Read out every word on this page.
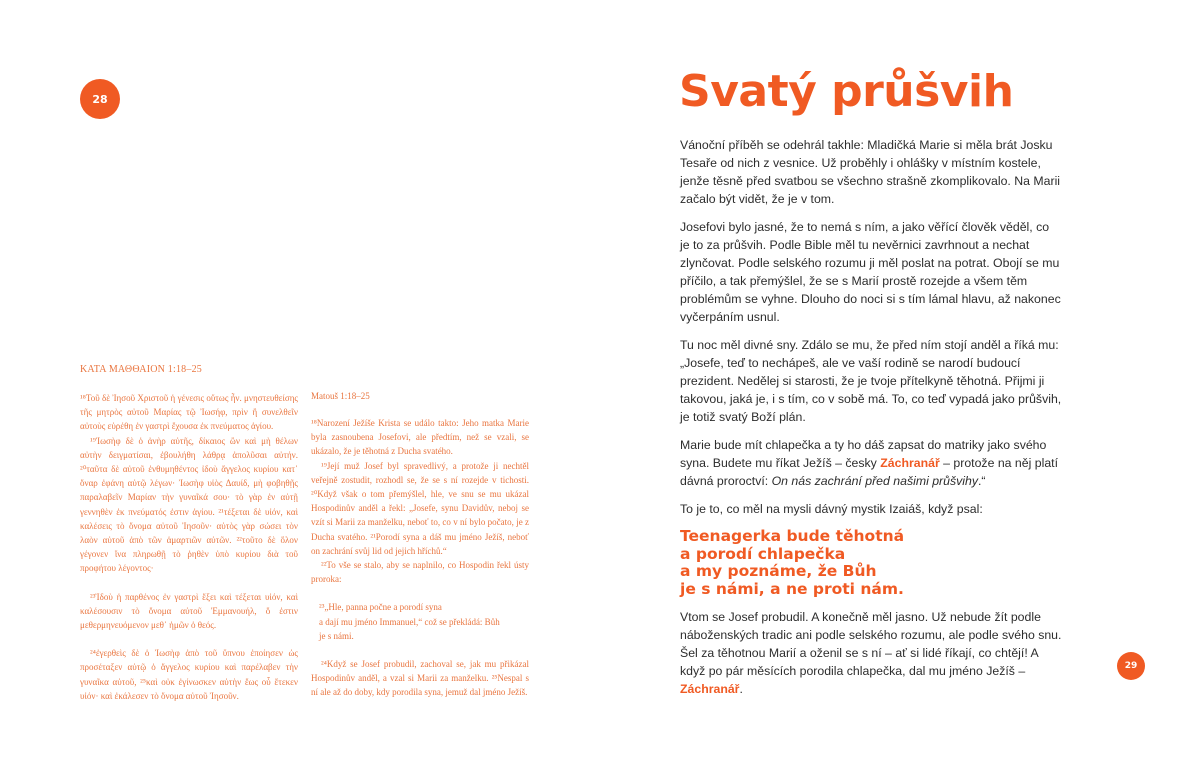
28
ΚΑΤΑ ΜΑΘΘΑΙΟΝ 1:18–25

¹⁸Τοῦ δὲ Ἰησοῦ Χριστοῦ ἡ γένεσις οὕτως ἦν. μνηστευθείσης τῆς μητρὸς αὐτοῦ Μαρίας τῷ Ἰωσήφ, πρὶν ἢ συνελθεῖν αὐτοὺς εὑρέθη ἐν γαστρὶ ἔχουσα ἐκ πνεύματος ἁγίου.

¹⁹Ἰωσὴφ δὲ ὁ ἀνὴρ αὐτῆς, δίκαιος ὢν καὶ μὴ θέλων αὐτὴν δειγματίσαι, ἐβουλήθη λάθρᾳ ἀπολῦσαι αὐτήν. ²⁰ταῦτα δὲ αὐτοῦ ἐνθυμηθέντος ἰδοὺ ἄγγελος κυρίου κατ᾽ ὄναρ ἐφάνη αὐτῷ λέγων· Ἰωσὴφ υἱὸς Δαυίδ, μὴ φοβηθῇς παραλαβεῖν Μαρίαν τὴν γυναῖκά σου· τὸ γὰρ ἐν αὐτῇ γεννηθὲν ἐκ πνεύματός ἐστιν ἁγίου. ²¹τέξεται δὲ υἱόν, καὶ καλέσεις τὸ ὄνομα αὐτοῦ Ἰησοῦν· αὐτὸς γὰρ σώσει τὸν λαὸν αὐτοῦ ἀπὸ τῶν ἁμαρτιῶν αὐτῶν. ²²τοῦτο δὲ ὅλον γέγονεν ἵνα πληρωθῇ τὸ ῥηθὲν ὑπὸ κυρίου διὰ τοῦ προφήτου λέγοντος·

²³Ἰδοὺ ἡ παρθένος ἐν γαστρὶ ἕξει καὶ τέξεται υἱόν, καὶ καλέσουσιν τὸ ὄνομα αὐτοῦ Ἐμμανουήλ, ὅ ἐστιν μεθερμηνευόμενον μεθ᾽ ἡμῶν ὁ θεός.

²⁴ἐγερθεὶς δὲ ὁ Ἰωσὴφ ἀπὸ τοῦ ὕπνου ἐποίησεν ὡς προσέταξεν αὐτῷ ὁ ἄγγελος κυρίου καὶ παρέλαβεν τὴν γυναῖκα αὐτοῦ, ²⁵καὶ οὐκ ἐγίνωσκεν αὐτὴν ἕως οὗ ἔτεκεν υἱόν· καὶ ἐκάλεσεν τὸ ὄνομα αὐτοῦ Ἰησοῦν.

Matouš 1:18–25

¹⁸Narození Ježíše Krista se událo takto: Jeho matka Marie byla zasnoubena Josefovi, ale předtím, než se vzali, se ukázalo, že je těhotná z Ducha svatého.

¹⁹Její muž Josef byl spravedlivý, a protože ji nechtěl veřejně zostudit, rozhodl se, že se s ní rozejde v tichosti. ²⁰Když však o tom přemýšlel, hle, ve snu se mu ukázal Hospodinův anděl a řekl: „Josefe, synu Davidův, neboj se vzít si Marii za manželku, neboť to, co v ní bylo počato, je z Ducha svatého. ²¹Porodí syna a dáš mu jméno Ježíš, neboť on zachrání svůj lid od jejich hříchů.“

²²To vše se stalo, aby se naplnilo, co Hospodin řekl ústy proroka:

²³„Hle, panna počne a porodí syna
a dají mu jméno Immanuel,“ což se překládá: Bůh
je s námi.

²⁴Když se Josef probudil, zachoval se, jak mu přikázal Hospodinův anděl, a vzal si Marii za manželku. ²⁵Nespal s ní ale až do doby, kdy porodila syna, jemuž dal jméno Ježíš.

Svatý průšvih

Vánoční příběh se odehrál takhle: Mladičká Marie si měla brát Josku Tesaře od nich z vesnice. Už proběhly i ohlášky v místním kostele, jenže těsně před svatbou se všechno strašně zkomplikovalo. Na Marii začalo být vidět, že je v tom.

Josefovi bylo jasné, že to nemá s ním, a jako věřící člověk věděl, co je to za průšvih. Podle Bible měl tu nevěrnici zavrhnout a nechat zlynčovat. Podle selského rozumu ji měl poslat na potrat. Obojí se mu příčilo, a tak přemýšlel, že se s Marií prostě rozejde a všem těm problémům se vyhne. Dlouho do noci si s tím lámal hlavu, až nakonec vyčerpáním usnul.

Tu noc měl divné sny. Zdálo se mu, že před ním stojí anděl a říká mu: „Josefe, teď to nechápeš, ale ve vaší rodině se narodí budoucí prezident. Nedělej si starosti, že je tvoje přítelkyně těhotná. Přijmi ji takovou, jaká je, i s tím, co v sobě má. To, co teď vypadá jako průšvih, je totiž svatý Boží plán.

Marie bude mít chlapečka a ty ho dáš zapsat do matriky jako svého syna. Budete mu říkat Ježíš – česky Záchranář – protože na něj platí dávná proroctví: On nás zachrání před našimi průšvihy.“

To je to, co měl na mysli dávný mystik Izaiáš, když psal:

Teenagerka bude těhotná
a porodí chlapečka
a my poznáme, že Bůh
je s námi, a ne proti nám.

Vtom se Josef probudil. A konečně měl jasno. Už nebude žít podle náboženských tradic ani podle selského rozumu, ale podle svého snu. Šel za těhotnou Marií a oženil se s ní – ať si lidé říkají, co chtějí! A když po pár měsících porodila chlapečka, dal mu jméno Ježíš – Záchranář.

29
